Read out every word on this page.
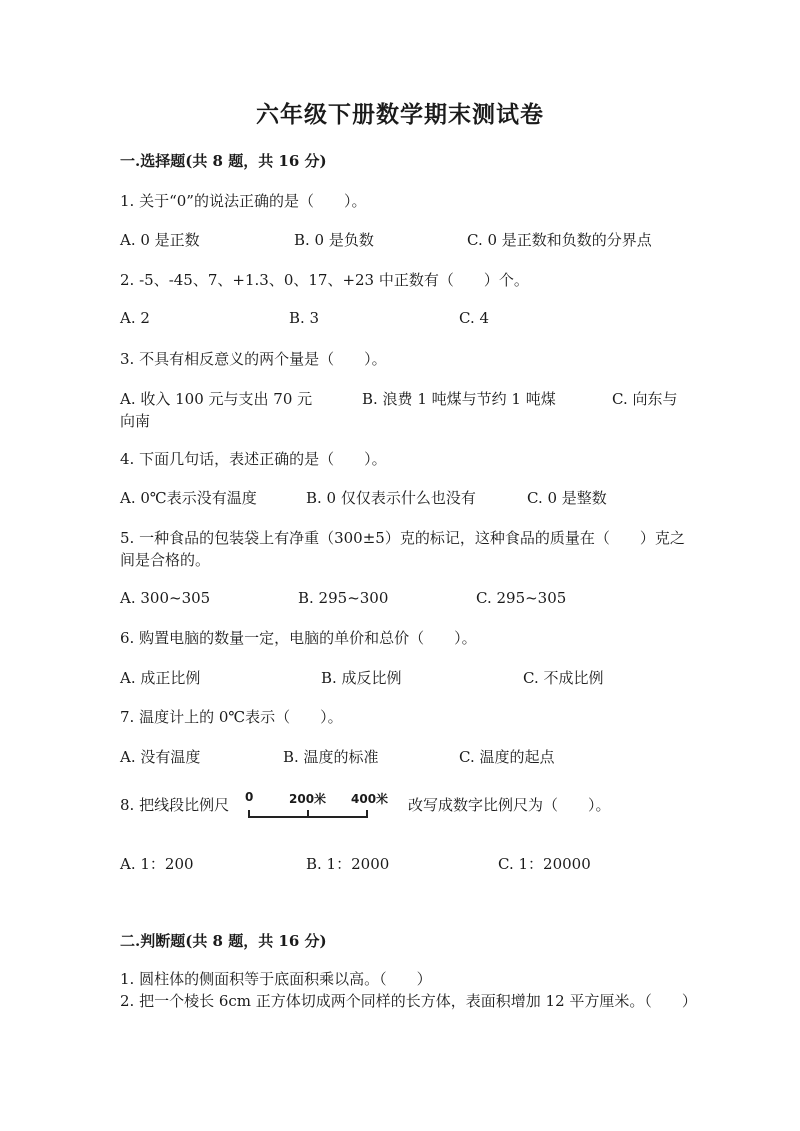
六年级下册数学期末测试卷
一.选择题(共 8 题，共 16 分)
1. 关于“0”的说法正确的是（　　）。
A. 0 是正数	B. 0 是负数	C. 0 是正数和负数的分界点
2. -5、-45、7、+1.3、0、17、+23 中正数有（　　）个。
A. 2	B. 3	C. 4
3. 不具有相反意义的两个量是（　　）。
A. 收入 100 元与支出 70 元	B. 浪费 1 吨煤与节约 1 吨煤	C. 向东与
向南
4. 下面几句话，表述正确的是（　　）。
A. 0℃表示没有温度	B. 0 仅仅表示什么也没有	C. 0 是整数
5. 一种食品的包装袋上有净重（300±5）克的标记，这种食品的质量在（　　）克之间是合格的。
A. 300~305	B. 295~300	C. 295~305
6. 购置电脑的数量一定，电脑的单价和总价（　　）。
A. 成正比例	B. 成反比例	C. 不成比例
7. 温度计上的 0℃表示（　　）。
A. 没有温度	B. 温度的标准	C. 温度的起点
8. 把线段比例尺 0	200米 400米 改写成数字比例尺为（　　）。
A. 1：200	B. 1：2000	C. 1：20000
二.判断题(共 8 题，共 16 分)
1. 圆柱体的侧面积等于底面积乘以高。（　　）
2. 把一个棱长 6cm 正方体切成两个同样的长方体，表面积增加 12 平方厘米。（　　）
